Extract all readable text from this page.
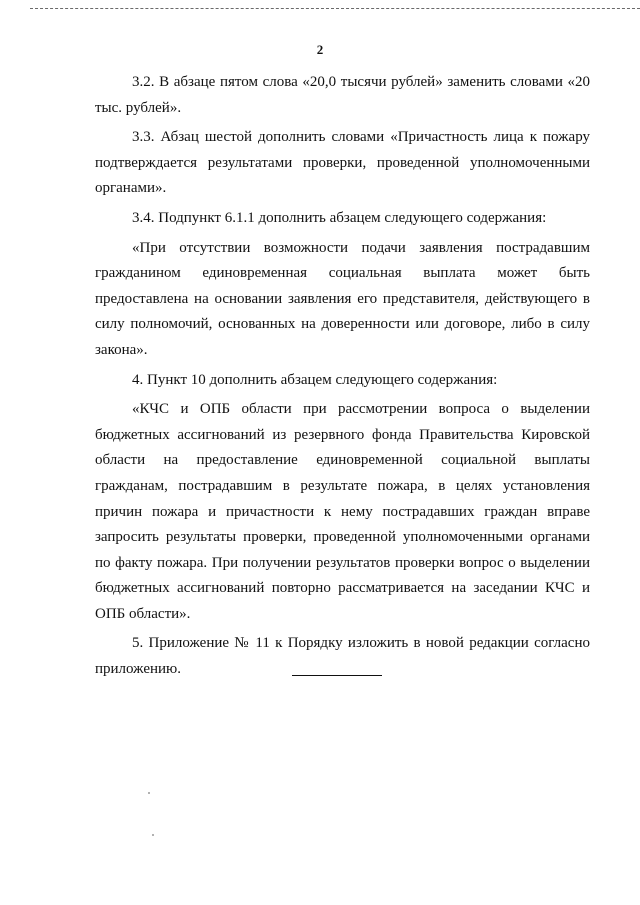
2

3.2. В абзаце пятом слова «20,0 тысячи рублей» заменить словами «20 тыс. рублей».

3.3. Абзац шестой дополнить словами «Причастность лица к пожару подтверждается результатами проверки, проведенной уполномоченными органами».

3.4. Подпункт 6.1.1 дополнить абзацем следующего содержания:

«При отсутствии возможности подачи заявления пострадавшим гражданином единовременная социальная выплата может быть предоставлена на основании заявления его представителя, действующего в силу полномочий, основанных на доверенности или договоре, либо в силу закона».

4. Пункт 10 дополнить абзацем следующего содержания:

«КЧС и ОПБ области при рассмотрении вопроса о выделении бюджетных ассигнований из резервного фонда Правительства Кировской области на предоставление единовременной социальной выплаты гражданам, пострадавшим в результате пожара, в целях установления причин пожара и причастности к нему пострадавших граждан вправе запросить результаты проверки, проведенной уполномоченными органами по факту пожара. При получении результатов проверки вопрос о выделении бюджетных ассигнований повторно рассматривается на заседании КЧС и ОПБ области».

5. Приложение № 11 к Порядку изложить в новой редакции согласно приложению.
